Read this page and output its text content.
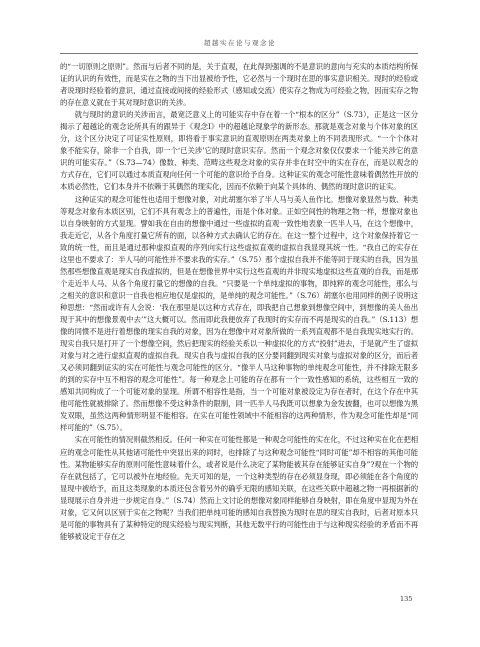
超越实在论与观念论

的“一切原则之原则”。然而与后者不同的是，关于直观，在此得到强调的不是意识的意向与充实的本质结构所保证的认识的有效性，而是实在之物的当下出显被给予性，它必然与一个现时在思的事实意识相关。现时的经验或者说现时经验着的意识，通过直接或间接的经验形式（感知或交流）使实存之物成为可经验之物，因而实存之物的存在意义就在于其对现时意识的关涉。

就与现时的意识的关涉而言，最宽泛意义上的可能实存中存在着一个“根本的区分”（S.73），正是这一区分揭示了超越论的观念论所具有的跟异于《观念I》中的超越论现象学的新形态。那就是观念对象与个体对象的区分，这个区分决定了可证实性原则，即将看于事实意识的直观原则在两类对象上的不同表现形式。“一个个体对象不能实存，除非一个自我，即一个‘已关涉’它的现时意识实存。然而一个观念对象仅仅要求一个能关涉它的意识的可能实存。”（S.73—74）像数、种类、范畴这些观念对象的实存并非在时空中的实在存在，而是以观念的方式存在，它们可以通过本质直观向任何一个可能的意识给予自身。这种证实的观念可能性意味着偶然性开放的本质必然性，它们本身并不依赖于其偶然的现实化，因而不依赖于向某个具体的、偶然的现时意识的证实。

这种证实的观念可能性也适用于想像对象，对此胡塞尔举了半人马与美人鱼作比。想像对象显然与数、种类等观念对象有本质区别，它们不具有观念上的普遍性，而是个体对象。正如空间性的物理之物一样，想像对象也以自身映射的方式显现。譬如我在自由的想像中通过一些虚拟的直观一致性地表象一匹半人马，在这个想像中，我走近它，从各个角度打量它所有的面，以各种方式去确认它的存在。在这一整个过程中，这个对象保持着它一致的统一性，而且是通过那种虚拟直观的序列向实行这些虚拟直观的虚拟自我显现其统一性。“我自己的实存在这里也不要求了：半人马的可能性并不要求我的实存。”（S.75）那个虚拟自我并不能等同于现实的自我，因为虽然那些想像直观是现实自我虚拟的，但是在想像世界中实行这些直观的并非现实地虚拟这些直观的自我，而是那个走近半人马、从各个角度打量它的想像的自我。“只要是一个单纯虚拟的事物，即纯粹的观念可能性，那么与之相关的意识和意识一自我也相应地仅是虚拟的，是单纯的观念可能性。”（S.76）胡塞尔也用同样的例子说明这种思想：“然而或许有人会说：‘我在那里是以这种方式存在，即我把自己想象到想像空间中，到想像的美人鱼出现于其中的想像景观中去’”这大概可以。然而即此我便放弃了我现时的实存而不再是现实的自我。”（S.113）想像的同惯不是进行着想像的现实自我的对象，因为在想像中对对象所做的一系列直观都不是自我现实地实行的。现实自我只是打开了一个想像空间，然后把现实的经验关系以一种虚拟化的方式“投射”进去，于是就产生了虚拟对象与对之进行虚拟直观的虚拟自我。现实自我与虚拟自我的区分要同翻到现实对象与虚拟对象的区分，而后者又必须同翻到证实的实在可能性与观念可能性的区分。“像半人马这种事物的单纯观念可能性，并不排除无限多的到的实存中互不相容的观念可能性”。每一种观念上可能的存在都有一个一致性感知的系统，这些相互一致的感知共同构成了一个可能对象的显现。所谓不相容性是指，当一个可能对象被设定为存在者时，在这个存在中其他可能性就被排除了。然而想像不受这种条件的限制，同一匹半人马我既可以想象为金发披翻，也可以想像为黑发双眼，虽然这两种情形明显不能相容。在实在可能性领域中不能相容的这两种情形，作为观念可能性却是“同样可能的”（S.75）。

实在可能性的情况则截然相反。任何一种实在可能性都是一种观念可能性的实在化，不过这种实在化在把相应的观念可能性从其他诸可能性中突显出来的同时，也排除了与这种观念可能性“同时可能”却不相容的其他可能性。某物能够实存的原则可能性意味着什么，或者说是什么决定了某物能被其存在能够证实自身”?观在一个物的存在就包括了，它可以被外在地经验。先天可知的是，一个这种类型的存在必须显身现，即必须能在各个角度的显现中被给予，而且这类现象的本质还包含着另外的确乎无限的感知关联，在这些关联中超越之物一再根据新的显现展示自身并进一步规定自身。”（S.74）然而上文讨论的想像对象同样能够自身映射，即在角度中显现为外在对象，它又何以区别于实在之物呢？当我们把单纯可能的感知自我替换为现时在思的现实自我时，后者对原本只是可能的事物具有了某种特定的现实经验与现实判断，其他无数平行的可能性由于与这种现实经验的矛盾而不再能够被设定于存在之

135
